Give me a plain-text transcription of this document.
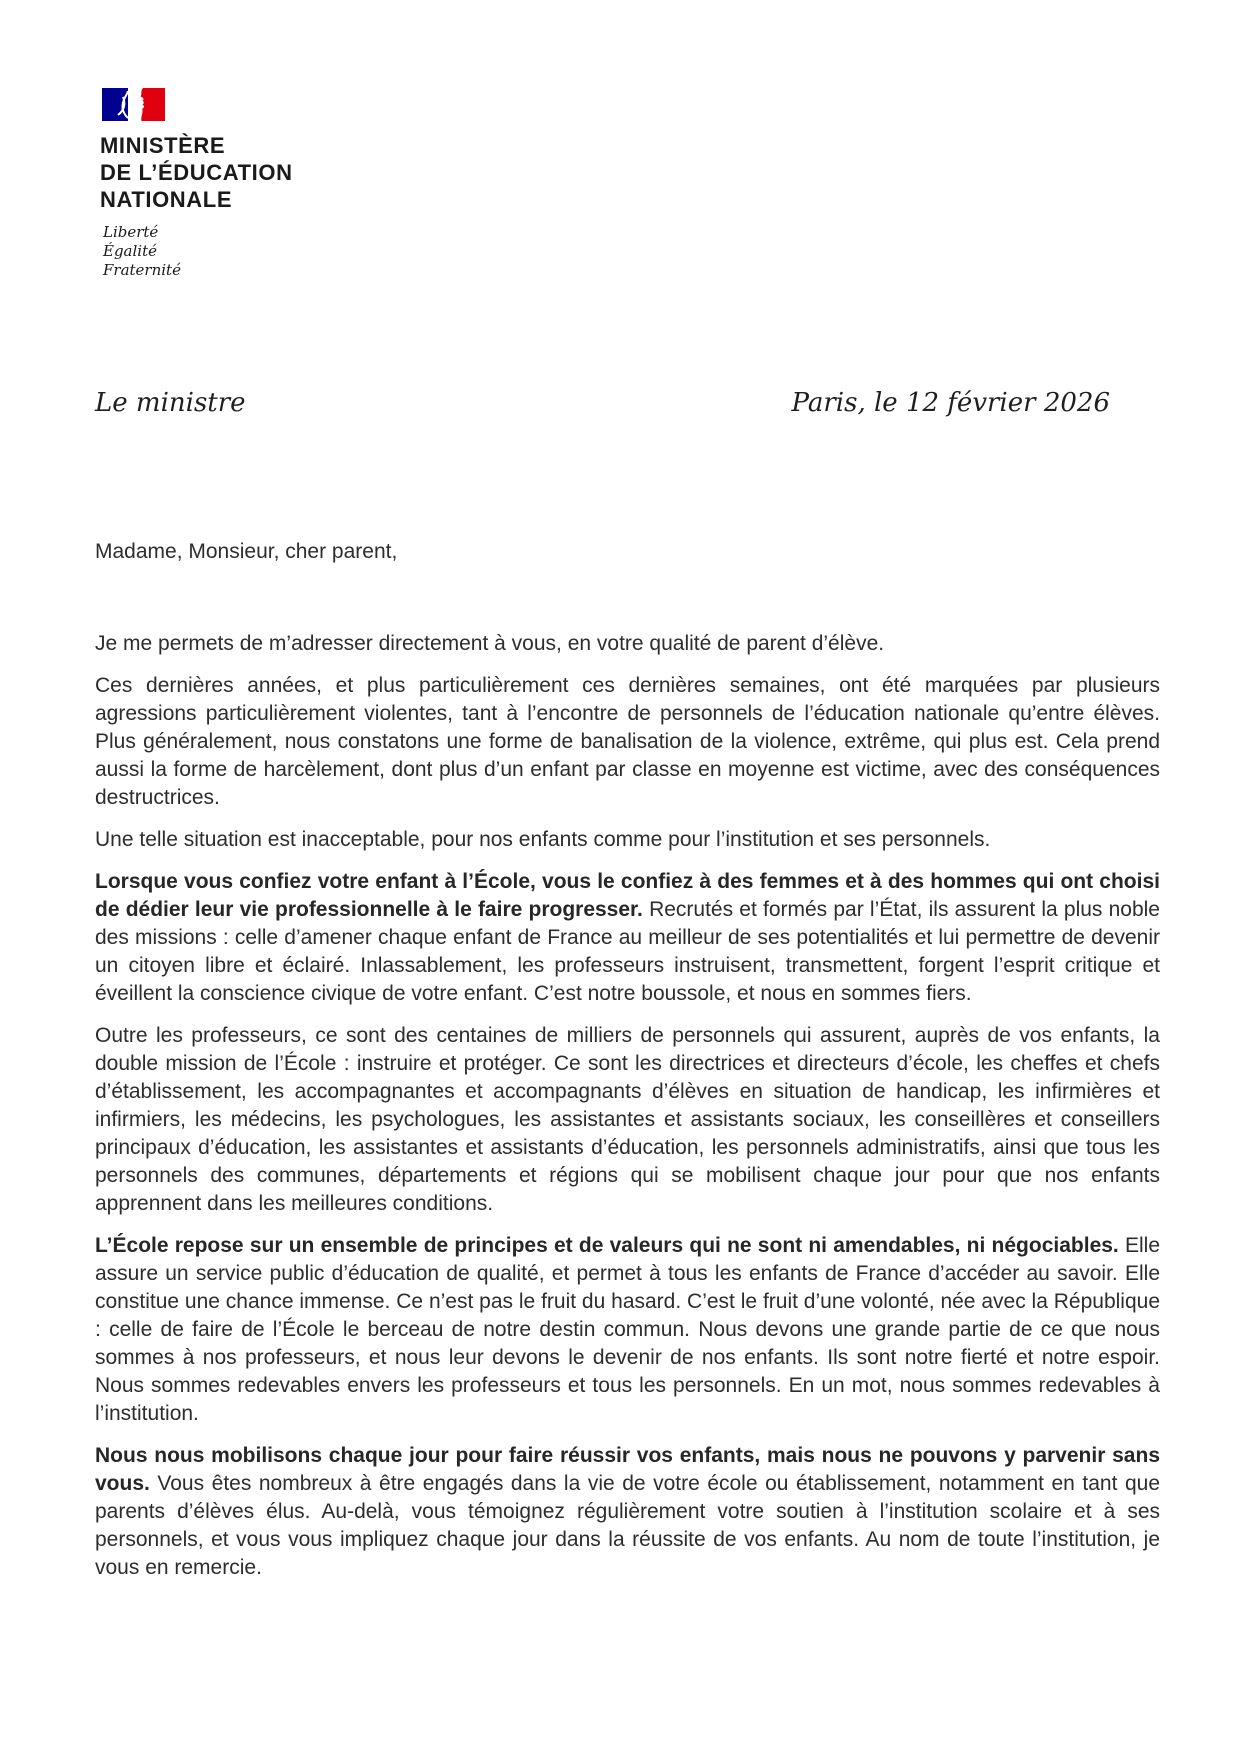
MINISTÈRE
DE L’ÉDUCATION
NATIONALE
Liberté
Égalité
Fraternité
Le ministre	Paris, le 12 février 2026
Madame, Monsieur, cher parent,

Je me permets de m’adresser directement à vous, en votre qualité de parent d’élève.

Ces dernières années, et plus particulièrement ces dernières semaines, ont été marquées par plusieurs agressions particulièrement violentes, tant à l’encontre de personnels de l’éducation nationale qu’entre élèves. Plus généralement, nous constatons une forme de banalisation de la violence, extrême, qui plus est. Cela prend aussi la forme de harcèlement, dont plus d’un enfant par classe en moyenne est victime, avec des conséquences destructrices.

Une telle situation est inacceptable, pour nos enfants comme pour l’institution et ses personnels.

Lorsque vous confiez votre enfant à l’École, vous le confiez à des femmes et à des hommes qui ont choisi de dédier leur vie professionnelle à le faire progresser. Recrutés et formés par l’État, ils assurent la plus noble des missions : celle d’amener chaque enfant de France au meilleur de ses potentialités et lui permettre de devenir un citoyen libre et éclairé. Inlassablement, les professeurs instruisent, transmettent, forgent l’esprit critique et éveillent la conscience civique de votre enfant. C’est notre boussole, et nous en sommes fiers.

Outre les professeurs, ce sont des centaines de milliers de personnels qui assurent, auprès de vos enfants, la double mission de l’École : instruire et protéger. Ce sont les directrices et directeurs d’école, les cheffes et chefs d’établissement, les accompagnantes et accompagnants d’élèves en situation de handicap, les infirmières et infirmiers, les médecins, les psychologues, les assistantes et assistants sociaux, les conseillères et conseillers principaux d’éducation, les assistantes et assistants d’éducation, les personnels administratifs, ainsi que tous les personnels des communes, départements et régions qui se mobilisent chaque jour pour que nos enfants apprennent dans les meilleures conditions.

L’École repose sur un ensemble de principes et de valeurs qui ne sont ni amendables, ni négociables. Elle assure un service public d’éducation de qualité, et permet à tous les enfants de France d’accéder au savoir. Elle constitue une chance immense. Ce n’est pas le fruit du hasard. C’est le fruit d’une volonté, née avec la République : celle de faire de l’École le berceau de notre destin commun. Nous devons une grande partie de ce que nous sommes à nos professeurs, et nous leur devons le devenir de nos enfants. Ils sont notre fierté et notre espoir. Nous sommes redevables envers les professeurs et tous les personnels. En un mot, nous sommes redevables à l’institution.

Nous nous mobilisons chaque jour pour faire réussir vos enfants, mais nous ne pouvons y parvenir sans vous. Vous êtes nombreux à être engagés dans la vie de votre école ou établissement, notamment en tant que parents d’élèves élus. Au-delà, vous témoignez régulièrement votre soutien à l’institution scolaire et à ses personnels, et vous vous impliquez chaque jour dans la réussite de vos enfants. Au nom de toute l’institution, je vous en remercie.
